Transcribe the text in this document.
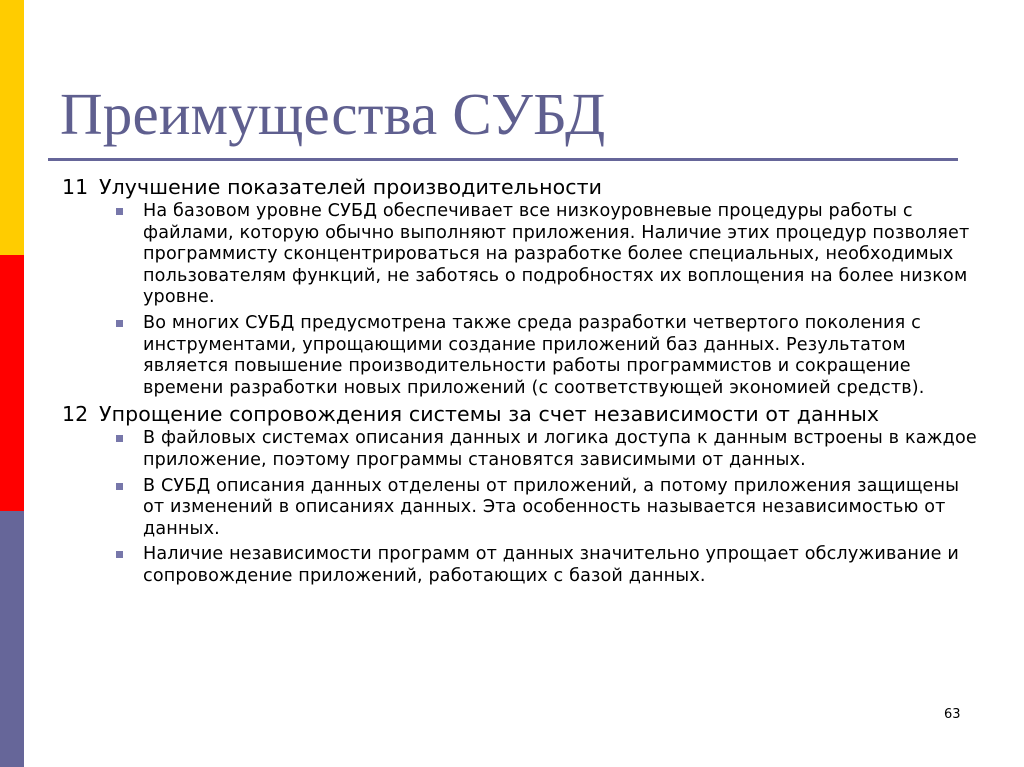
Преимущества СУБД

11 Улучшение показателей производительности

На базовом уровне СУБД обеспечивает все низкоуровневые процедуры работы с файлами, которую обычно выполняют приложения. Наличие этих процедур позволяет программисту сконцентрироваться на разработке более специальных, необходимых пользователям функций, не заботясь о подробностях их воплощения на более низком уровне.
Во многих СУБД предусмотрена также среда разработки четвертого поколения с инструментами, упрощающими создание приложений баз данных. Результатом является повышение производительности работы программистов и сокращение времени разработки новых приложений (с соответствующей экономией средств).

12 Упрощение сопровождения системы за счет независимости от данных

В файловых системах описания данных и логика доступа к данным встроены в каждое приложение, поэтому программы становятся зависимыми от данных.
В СУБД описания данных отделены от приложений, а потому приложения защищены от изменений в описаниях данных. Эта особенность называется независимостью от данных.
Наличие независимости программ от данных значительно упрощает обслуживание и сопровождение приложений, работающих с базой данных.
63
